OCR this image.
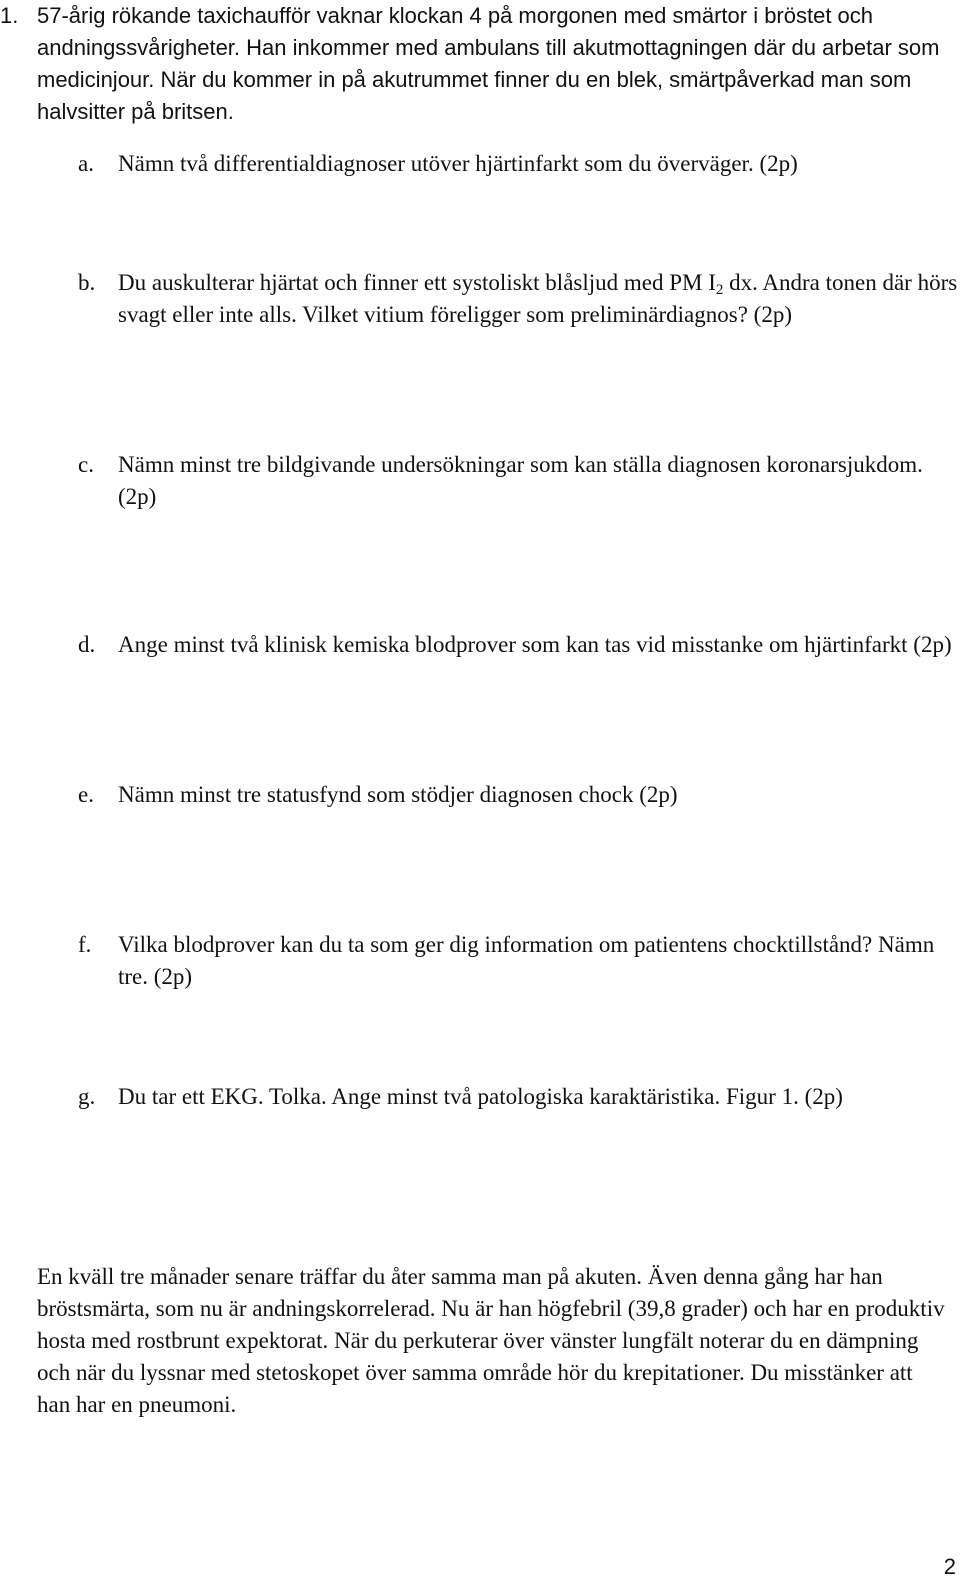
1. 57-årig rökande taxichaufför vaknar klockan 4 på morgonen med smärtor i bröstet och andningssvårigheter. Han inkommer med ambulans till akutmottagningen där du arbetar som medicinjour. När du kommer in på akutrummet finner du en blek, smärtpåverkad man som halvsitter på britsen.
a. Nämn två differentialdiagnoser utöver hjärtinfarkt som du överväger. (2p)
b. Du auskulterar hjärtat och finner ett systoliskt blåsljud med PM $I_2$ dx. Andra tonen där hörs svagt eller inte alls. Vilket vitium föreligger som preliminärdiagnos? (2p)
c. Nämn minst tre bildgivande undersökningar som kan ställa diagnosen koronarsjukdom. (2p)
d. Ange minst två klinisk kemiska blodprover som kan tas vid misstanke om hjärtinfarkt (2p)
e. Nämn minst tre statusfynd som stödjer diagnosen chock (2p)
f. Vilka blodprover kan du ta som ger dig information om patientens chocktillstånd? Nämn tre. (2p)
g. Du tar ett EKG. Tolka. Ange minst två patologiska karaktäristika. Figur 1. (2p)
En kväll tre månader senare träffar du åter samma man på akuten. Även denna gång har han bröstsmärta, som nu är andningskorrelerad. Nu är han högfebril (39,8 grader) och har en produktiv hosta med rostbrunt expektorat. När du perkuterar över vänster lungfält noterar du en dämpning och när du lyssnar med stetoskopet över samma område hör du krepitationer. Du misstänker att han har en pneumoni.
2
